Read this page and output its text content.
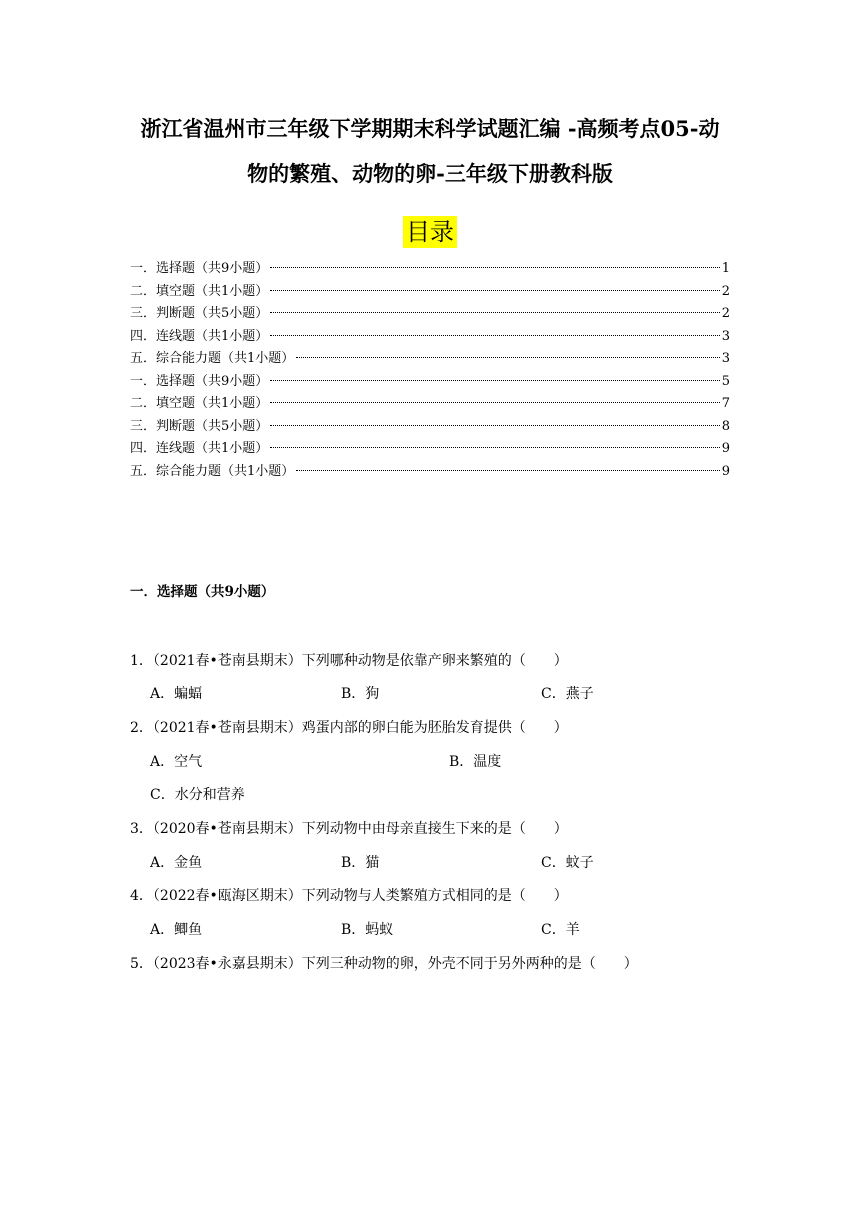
浙江省温州市三年级下学期期末科学试题汇编 -高频考点05-动
物的繁殖、动物的卵-三年级下册教科版
目录
一．选择题（共9小题）	1
二．填空题（共1小题）	2
三．判断题（共5小题）	2
四．连线题（共1小题）	3
五．综合能力题（共1小题）	3
一．选择题（共9小题）	5
二．填空题（共1小题）	7
三．判断题（共5小题）	8
四．连线题（共1小题）	9
五．综合能力题（共1小题）	9
一．选择题（共9小题）
1．（2021春•苍南县期末）下列哪种动物是依靠产卵来繁殖的（　　）
A．蝙蝠	B．狗	C．燕子
2．（2021春•苍南县期末）鸡蛋内部的卵白能为胚胎发育提供（　　）
A．空气	B．温度
C．水分和营养
3．（2020春•苍南县期末）下列动物中由母亲直接生下来的是（　　）
A．金鱼	B．猫	C．蚊子
4．（2022春•瓯海区期末）下列动物与人类繁殖方式相同的是（　　）
A．鲫鱼	B．蚂蚁	C．羊
5．（2023春•永嘉县期末）下列三种动物的卵，外壳不同于另外两种的是（　　）
